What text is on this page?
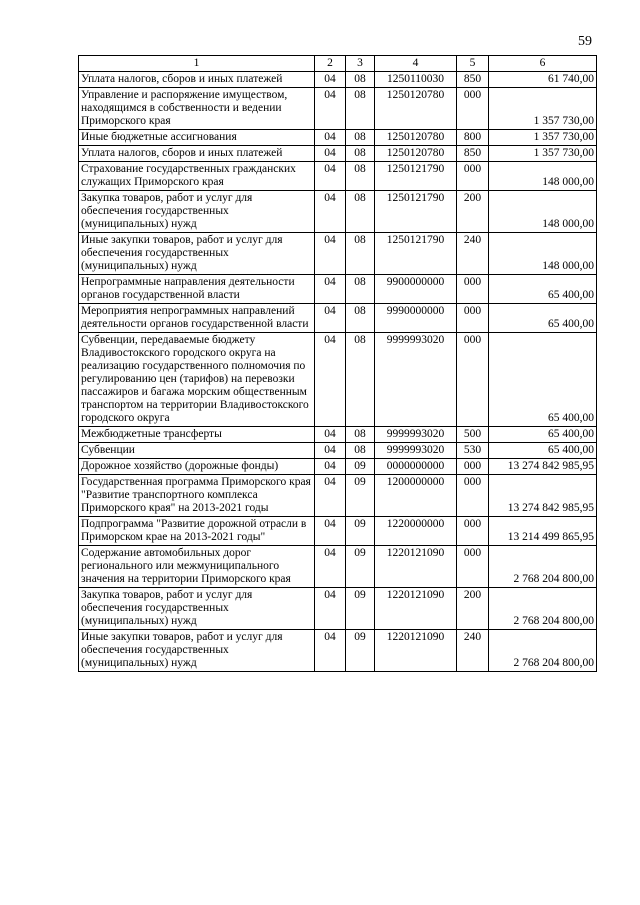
59
1	2	3	4	5	6
Уплата налогов, сборов и иных платежей	04	08	1250110030	850	61 740,00
Управление и распоряжение имуществом, находящимся в собственности и ведении Приморского края	04	08	1250120780	000	1 357 730,00
Иные бюджетные ассигнования	04	08	1250120780	800	1 357 730,00
Уплата налогов, сборов и иных платежей	04	08	1250120780	850	1 357 730,00
Страхование государственных гражданских служащих Приморского края	04	08	1250121790	000	148 000,00
Закупка товаров, работ и услуг для обеспечения государственных (муниципальных) нужд	04	08	1250121790	200	148 000,00
Иные закупки товаров, работ и услуг для обеспечения государственных (муниципальных) нужд	04	08	1250121790	240	148 000,00
Непрограммные направления деятельности органов государственной власти	04	08	9900000000	000	65 400,00
Мероприятия непрограммных направлений деятельности органов государственной власти	04	08	9990000000	000	65 400,00
Субвенции, передаваемые бюджету Владивостокского городского округа на реализацию государственного полномочия по регулированию цен (тарифов) на перевозки пассажиров и багажа морским общественным транспортом на территории Владивостокского городского округа	04	08	9999993020	000	65 400,00
Межбюджетные трансферты	04	08	9999993020	500	65 400,00
Субвенции	04	08	9999993020	530	65 400,00
Дорожное хозяйство (дорожные фонды)	04	09	0000000000	000	13 274 842 985,95
Государственная программа Приморского края "Развитие транспортного комплекса Приморского края" на 2013-2021 годы	04	09	1200000000	000	13 274 842 985,95
Подпрограмма "Развитие дорожной отрасли в Приморском крае на 2013-2021 годы"	04	09	1220000000	000	13 214 499 865,95
Содержание автомобильных дорог регионального или межмуниципального значения на территории Приморского края	04	09	1220121090	000	2 768 204 800,00
Закупка товаров, работ и услуг для обеспечения государственных (муниципальных) нужд	04	09	1220121090	200	2 768 204 800,00
Иные закупки товаров, работ и услуг для обеспечения государственных (муниципальных) нужд	04	09	1220121090	240	2 768 204 800,00
